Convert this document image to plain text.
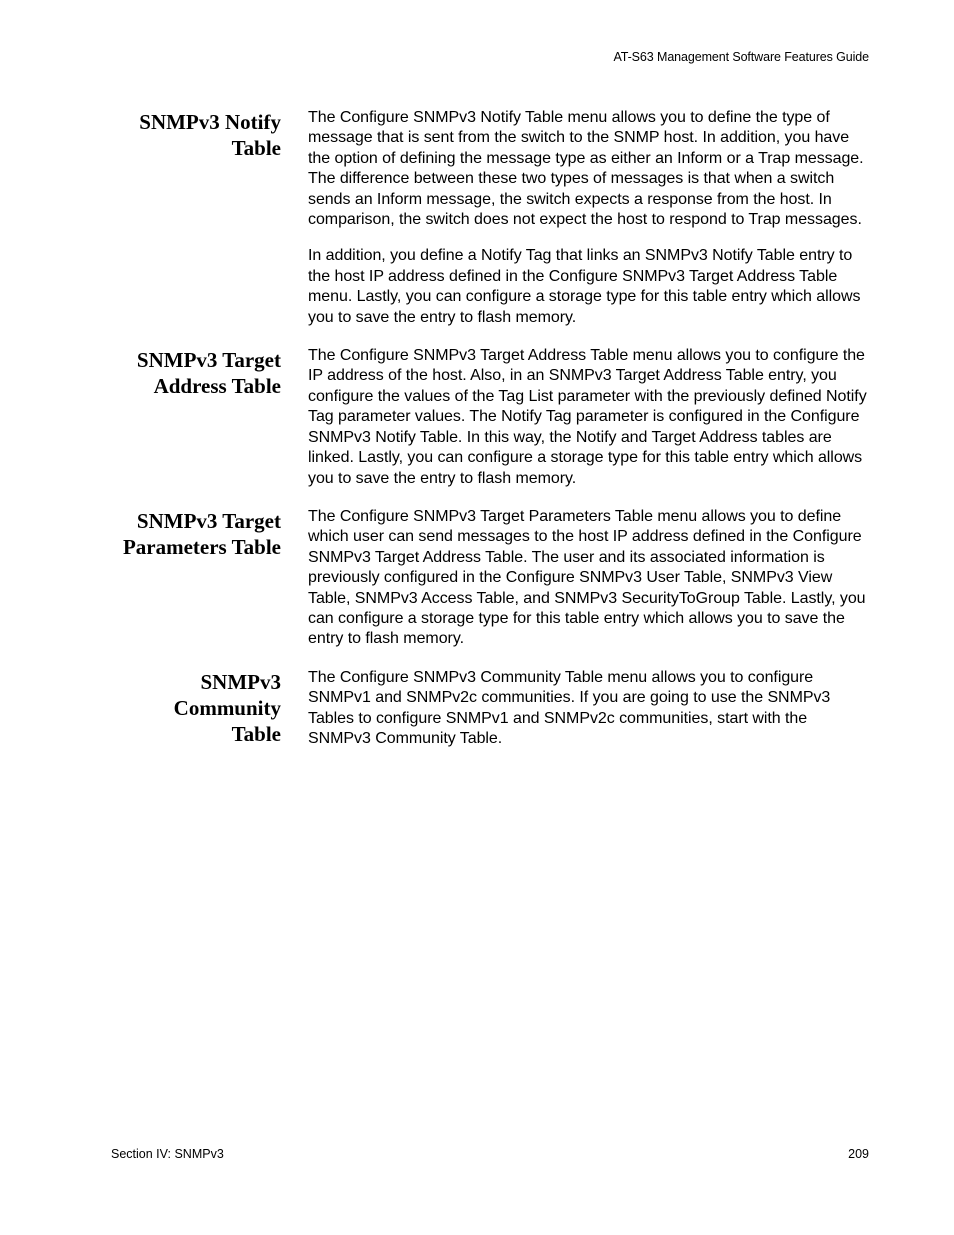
AT-S63 Management Software Features Guide
SNMPv3 Notify
Table

The Configure SNMPv3 Notify Table menu allows you to define the type of message that is sent from the switch to the SNMP host. In addition, you have the option of defining the message type as either an Inform or a Trap message. The difference between these two types of messages is that when a switch sends an Inform message, the switch expects a response from the host. In comparison, the switch does not expect the host to respond to Trap messages.

In addition, you define a Notify Tag that links an SNMPv3 Notify Table entry to the host IP address defined in the Configure SNMPv3 Target Address Table menu. Lastly, you can configure a storage type for this table entry which allows you to save the entry to flash memory.

SNMPv3 Target
Address Table

The Configure SNMPv3 Target Address Table menu allows you to configure the IP address of the host. Also, in an SNMPv3 Target Address Table entry, you configure the values of the Tag List parameter with the previously defined Notify Tag parameter values. The Notify Tag parameter is configured in the Configure SNMPv3 Notify Table. In this way, the Notify and Target Address tables are linked. Lastly, you can configure a storage type for this table entry which allows you to save the entry to flash memory.

SNMPv3 Target
Parameters Table

The Configure SNMPv3 Target Parameters Table menu allows you to define which user can send messages to the host IP address defined in the Configure SNMPv3 Target Address Table. The user and its associated information is previously configured in the Configure SNMPv3 User Table, SNMPv3 View Table, SNMPv3 Access Table, and SNMPv3 SecurityToGroup Table. Lastly, you can configure a storage type for this table entry which allows you to save the entry to flash memory.

SNMPv3
Community
Table

The Configure SNMPv3 Community Table menu allows you to configure SNMPv1 and SNMPv2c communities. If you are going to use the SNMPv3 Tables to configure SNMPv1 and SNMPv2c communities, start with the SNMPv3 Community Table.

Section IV: SNMPv3	209
